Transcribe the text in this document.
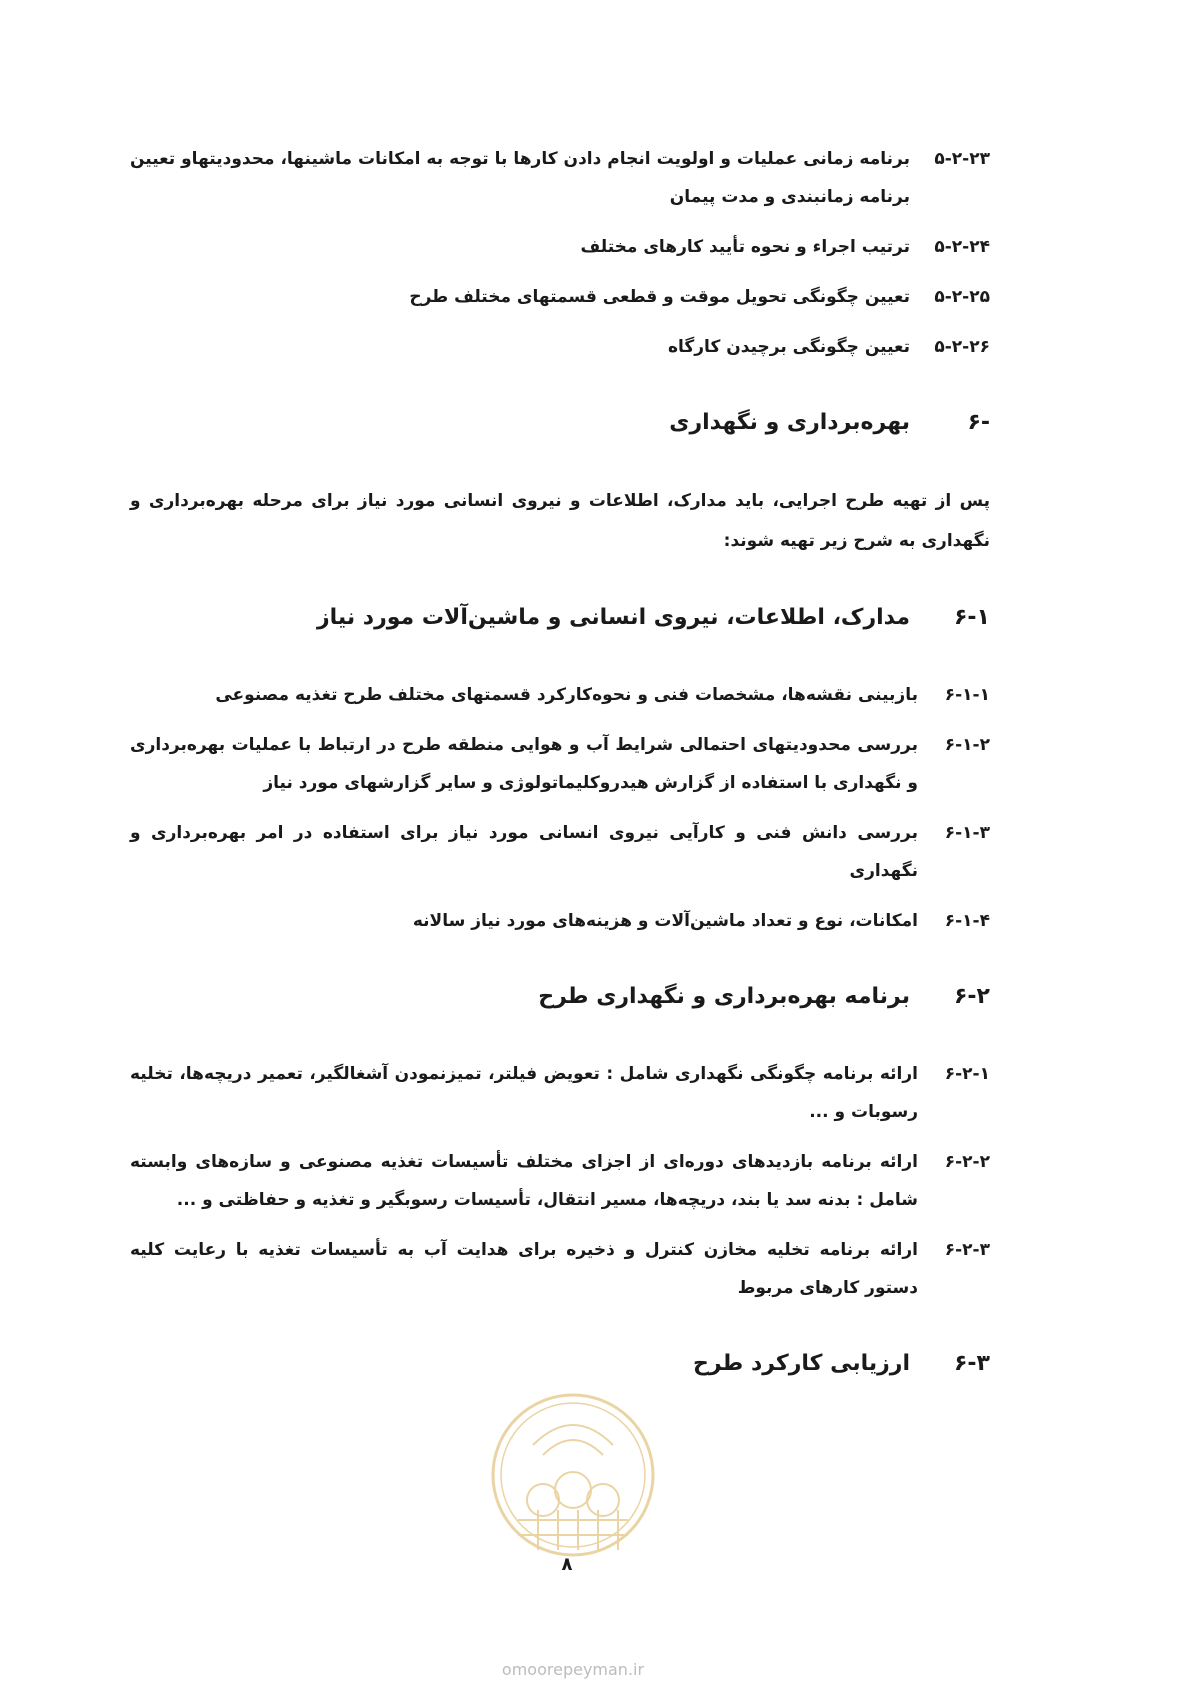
۵-۲-۲۳
برنامه زمانی عملیات و اولویت انجام دادن کارها با توجه به امکانات ماشینها، محدودیتهاو تعیین برنامه زمانبندی و مدت پیمان
۵-۲-۲۴
ترتیب اجراء و نحوه تأیید کارهای مختلف
۵-۲-۲۵
تعیین چگونگی تحویل موقت و قطعی قسمتهای مختلف طرح
۵-۲-۲۶
تعیین چگونگی برچیدن کارگاه
۶-
بهره‌برداری و نگهداری
پس از تهیه طرح اجرایی، باید مدارک، اطلاعات و نیروی انسانی مورد نیاز برای مرحله بهره‌برداری و نگهداری به شرح زیر تهیه شوند:
۶-۱
مدارک، اطلاعات، نیروی انسانی و ماشین‌آلات مورد نیاز
۶-۱-۱
بازبینی نقشه‌ها، مشخصات فنی و نحوه‌کارکرد قسمتهای مختلف طرح تغذیه مصنوعی
۶-۱-۲
بررسی محدودیتهای احتمالی شرایط آب و هوایی منطقه طرح در ارتباط با عملیات بهره‌برداری و نگهداری با استفاده از گزارش هیدروکلیماتولوژی و سایر گزارشهای مورد نیاز
۶-۱-۳
بررسی دانش فنی و کارآیی نیروی انسانی مورد نیاز برای استفاده در امر بهره‌برداری و نگهداری
۶-۱-۴
امکانات، نوع و تعداد ماشین‌آلات و هزینه‌های مورد نیاز سالانه
۶-۲
برنامه بهره‌برداری و نگهداری طرح
۶-۲-۱
ارائه برنامه چگونگی نگهداری شامل : تعویض فیلتر، تمیزنمودن آشغالگیر، تعمیر دریچه‌ها، تخلیه رسوبات و ...
۶-۲-۲
ارائه برنامه بازدیدهای دوره‌ای از اجزای مختلف تأسیسات تغذیه مصنوعی و سازه‌های وابسته شامل : بدنه سد یا بند، دریچه‌ها، مسیر انتقال، تأسیسات رسوبگیر و تغذیه و حفاظتی و ...
۶-۲-۳
ارائه برنامه تخلیه مخازن کنترل و ذخیره برای هدایت آب به تأسیسات تغذیه با رعایت کلیه دستور کارهای مربوط
۶-۳
ارزیابی کارکرد طرح
۸
omoorepeyman.ir
